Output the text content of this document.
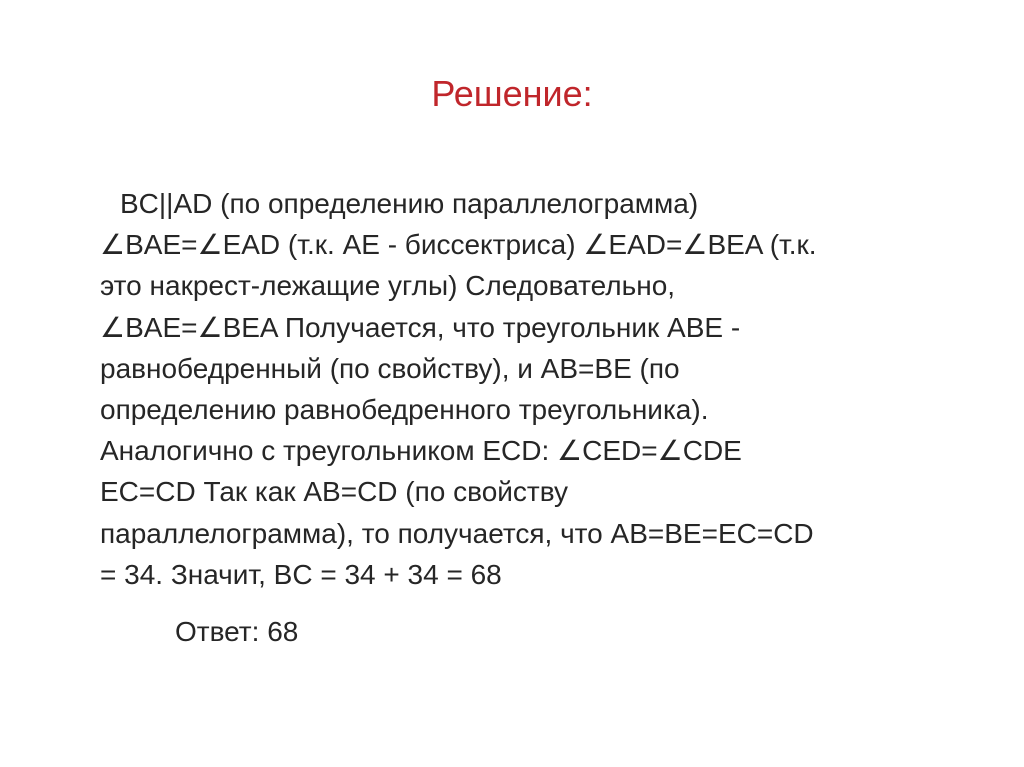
Решение:
BC||AD (по определению параллелограмма)
∠BAE=∠EAD (т.к. AE - биссектриса) ∠EAD=∠BEA (т.к.
это накрест-лежащие углы) Следовательно,
∠BAE=∠BEA Получается, что треугольник ABE -
равнобедренный (по свойству), и AB=BE (по
определению равнобедренного треугольника).
Аналогично с треугольником ECD: ∠CED=∠CDE
EC=CD Так как AB=CD (по свойству
параллелограмма), то получается, что AB=BE=EC=CD
= 34. Значит, BC = 34 + 34 = 68
Ответ: 68
